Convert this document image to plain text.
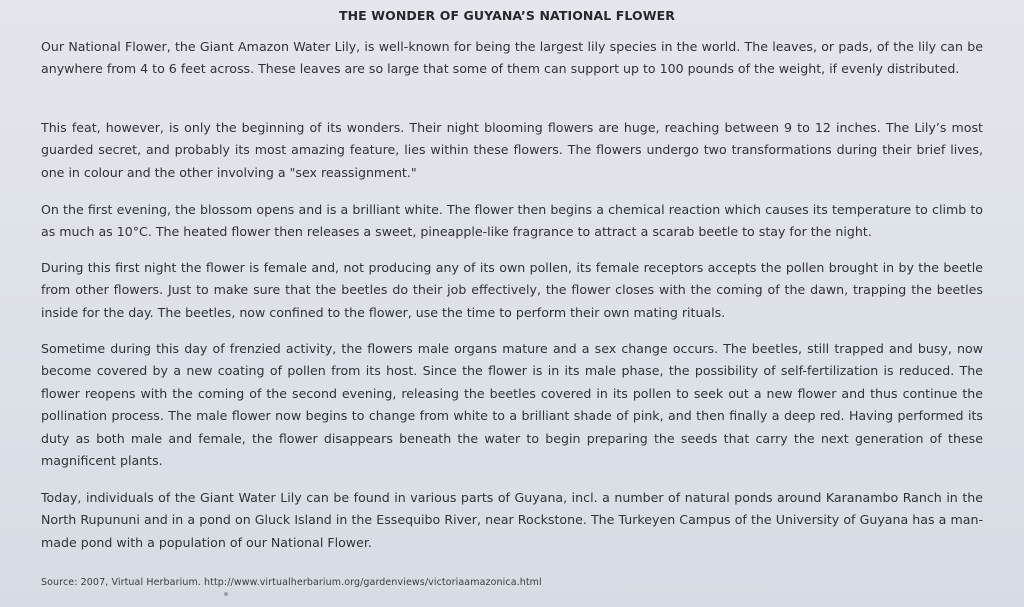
THE WONDER OF GUYANA’S NATIONAL FLOWER

Our National Flower, the Giant Amazon Water Lily, is well-known for being the largest lily species in the world. The leaves, or pads, of the lily can be anywhere from 4 to 6 feet across. These leaves are so large that some of them can support up to 100 pounds of the weight, if evenly distributed.

This feat, however, is only the beginning of its wonders. Their night blooming flowers are huge, reaching between 9 to 12 inches. The Lily’s most guarded secret, and probably its most amazing feature, lies within these flowers. The flowers undergo two transformations during their brief lives, one in colour and the other involving a "sex reassignment."

On the first evening, the blossom opens and is a brilliant white. The flower then begins a chemical reaction which causes its temperature to climb to as much as 10°C. The heated flower then releases a sweet, pineapple-like fragrance to attract a scarab beetle to stay for the night.

During this first night the flower is female and, not producing any of its own pollen, its female receptors accepts the pollen brought in by the beetle from other flowers. Just to make sure that the beetles do their job effectively, the flower closes with the coming of the dawn, trapping the beetles inside for the day. The beetles, now confined to the flower, use the time to perform their own mating rituals.

Sometime during this day of frenzied activity, the flowers male organs mature and a sex change occurs. The beetles, still trapped and busy, now become covered by a new coating of pollen from its host. Since the flower is in its male phase, the possibility of self-fertilization is reduced. The flower reopens with the coming of the second evening, releasing the beetles covered in its pollen to seek out a new flower and thus continue the pollination process. The male flower now begins to change from white to a brilliant shade of pink, and then finally a deep red. Having performed its duty as both male and female, the flower disappears beneath the water to begin preparing the seeds that carry the next generation of these magnificent plants.

Today, individuals of the Giant Water Lily can be found in various parts of Guyana, incl. a number of natural ponds around Karanambo Ranch in the North Rupununi and in a pond on Gluck Island in the Essequibo River, near Rockstone. The Turkeyen Campus of the University of Guyana has a man-made pond with a population of our National Flower.

Source: 2007, Virtual Herbarium. http://www.virtualherbarium.org/gardenviews/victoriaamazonica.html
